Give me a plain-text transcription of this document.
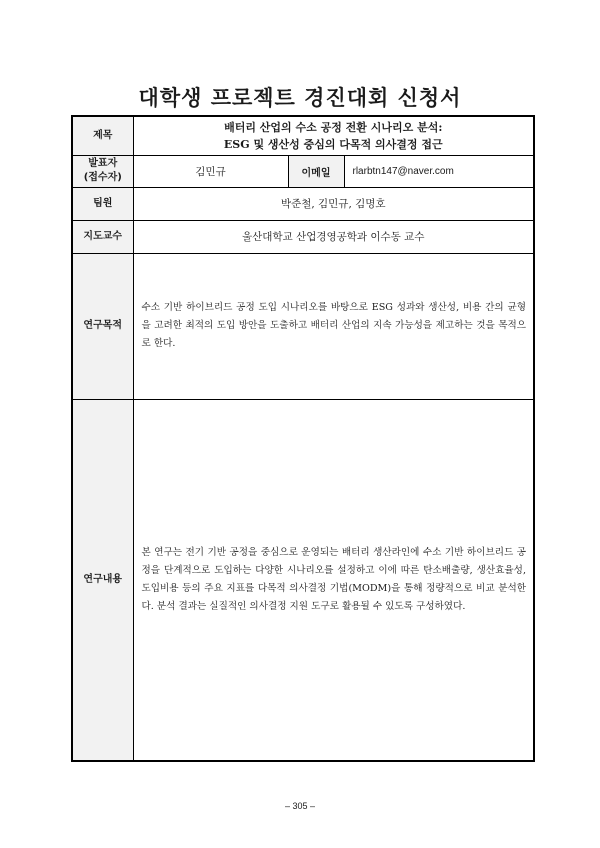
대학생 프로젝트 경진대회 신청서
제목	배터리 산업의 수소 공정 전환 시나리오 분석:
ESG 및 생산성 중심의 다목적 의사결정 접근		

발표자
(접수자)	김민규	이메일	rlarbtn147@naver.com
팀원	박준철, 김민규, 김명호		
지도교수	울산대학교 산업경영공학과 이수동 교수		
연구목적	수소 기반 하이브리드 공정 도입 시나리오를 바탕으로 ESG 성과와 생산성, 비용 간의 균형을 고려한 최적의 도입 방안을 도출하고 배터리 산업의 지속 가능성을 제고하는 것을 목적으로 한다.		
연구내용	본 연구는 전기 기반 공정을 중심으로 운영되는 배터리 생산라인에 수소 기반 하이브리드 공정을 단계적으로 도입하는 다양한 시나리오를 설정하고 이에 따른 탄소배출량, 생산효율성, 도입비용 등의 주요 지표를 다목적 의사결정 기법(MODM)을 통해 정량적으로 비교 분석한다. 분석 결과는 실질적인 의사결정 지원 도구로 활용될 수 있도록 구성하였다.		
– 305 –
